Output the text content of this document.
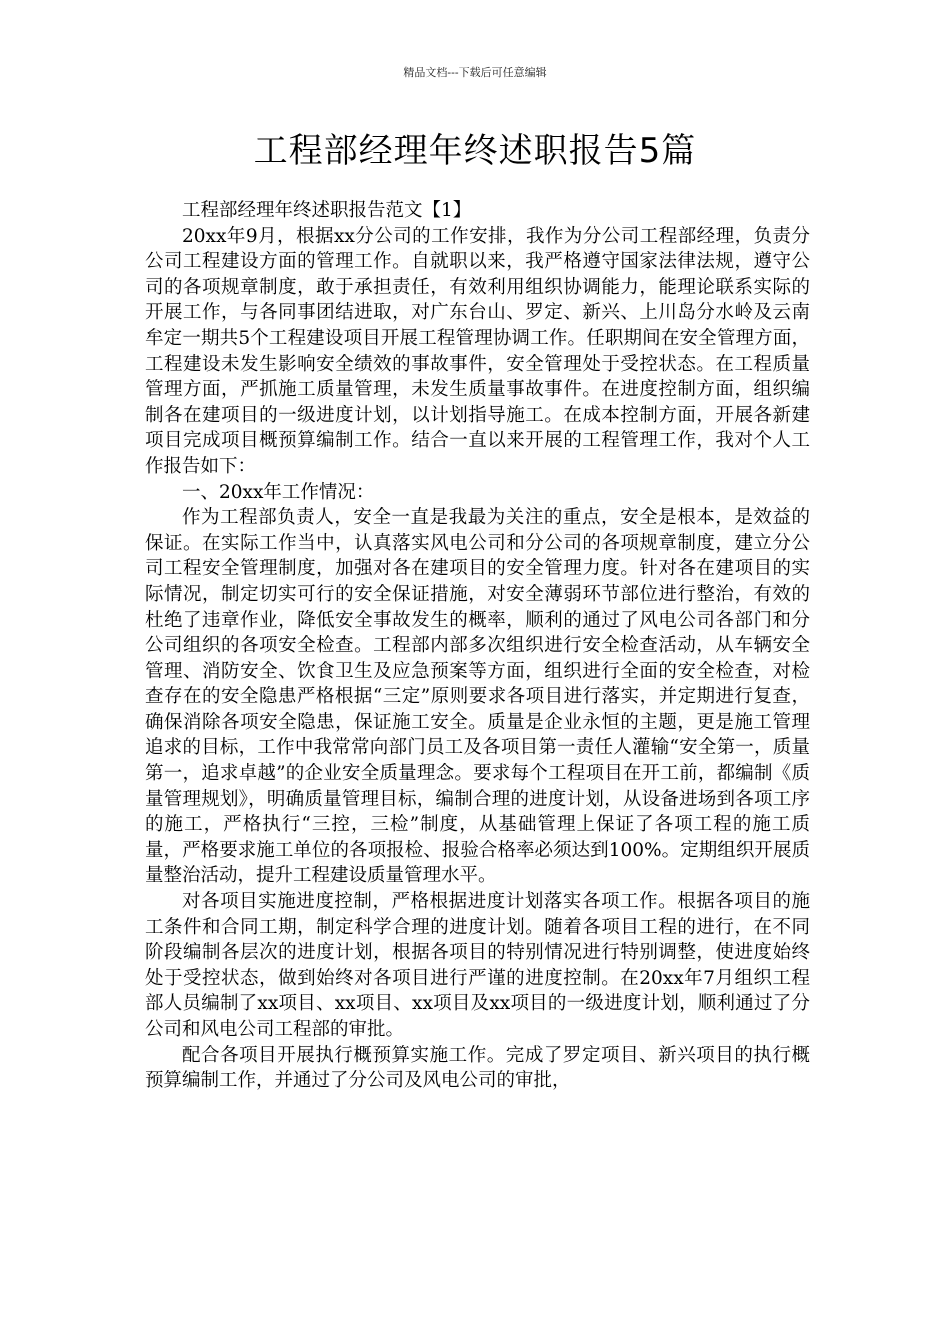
精品文档---下载后可任意编辑
工程部经理年终述职报告5篇

工程部经理年终述职报告范文【1】

20xx年9月，根据xx分公司的工作安排，我作为分公司工程部经理，负责分公司工程建设方面的管理工作。自就职以来，我严格遵守国家法律法规，遵守公司的各项规章制度，敢于承担责任，有效利用组织协调能力，能理论联系实际的开展工作，与各同事团结进取，对广东台山、罗定、新兴、上川岛分水岭及云南牟定一期共5个工程建设项目开展工程管理协调工作。任职期间在安全管理方面，工程建设未发生影响安全绩效的事故事件，安全管理处于受控状态。在工程质量管理方面，严抓施工质量管理，未发生质量事故事件。在进度控制方面，组织编制各在建项目的一级进度计划，以计划指导施工。在成本控制方面，开展各新建项目完成项目概预算编制工作。结合一直以来开展的工程管理工作，我对个人工作报告如下：

一、20xx年工作情况：

作为工程部负责人，安全一直是我最为关注的重点，安全是根本，是效益的保证。在实际工作当中，认真落实风电公司和分公司的各项规章制度，建立分公司工程安全管理制度，加强对各在建项目的安全管理力度。针对各在建项目的实际情况，制定切实可行的安全保证措施，对安全薄弱环节部位进行整治，有效的杜绝了违章作业，降低安全事故发生的概率，顺利的通过了风电公司各部门和分公司组织的各项安全检查。工程部内部多次组织进行安全检查活动，从车辆安全管理、消防安全、饮食卫生及应急预案等方面，组织进行全面的安全检查，对检查存在的安全隐患严格根据“三定”原则要求各项目进行落实，并定期进行复查，确保消除各项安全隐患，保证施工安全。质量是企业永恒的主题，更是施工管理追求的目标，工作中我常常向部门员工及各项目第一责任人灌输“安全第一，质量第一，追求卓越”的企业安全质量理念。要求每个工程项目在开工前，都编制《质量管理规划》，明确质量管理目标，编制合理的进度计划，从设备进场到各项工序的施工，严格执行“三控，三检”制度，从基础管理上保证了各项工程的施工质量，严格要求施工单位的各项报检、报验合格率必须达到100%。定期组织开展质量整治活动，提升工程建设质量管理水平。

对各项目实施进度控制，严格根据进度计划落实各项工作。根据各项目的施工条件和合同工期，制定科学合理的进度计划。随着各项目工程的进行，在不同阶段编制各层次的进度计划，根据各项目的特别情况进行特别调整，使进度始终处于受控状态，做到始终对各项目进行严谨的进度控制。在20xx年7月组织工程部人员编制了xx项目、xx项目、xx项目及xx项目的一级进度计划，顺利通过了分公司和风电公司工程部的审批。

配合各项目开展执行概预算实施工作。完成了罗定项目、新兴项目的执行概预算编制工作，并通过了分公司及风电公司的审批，
